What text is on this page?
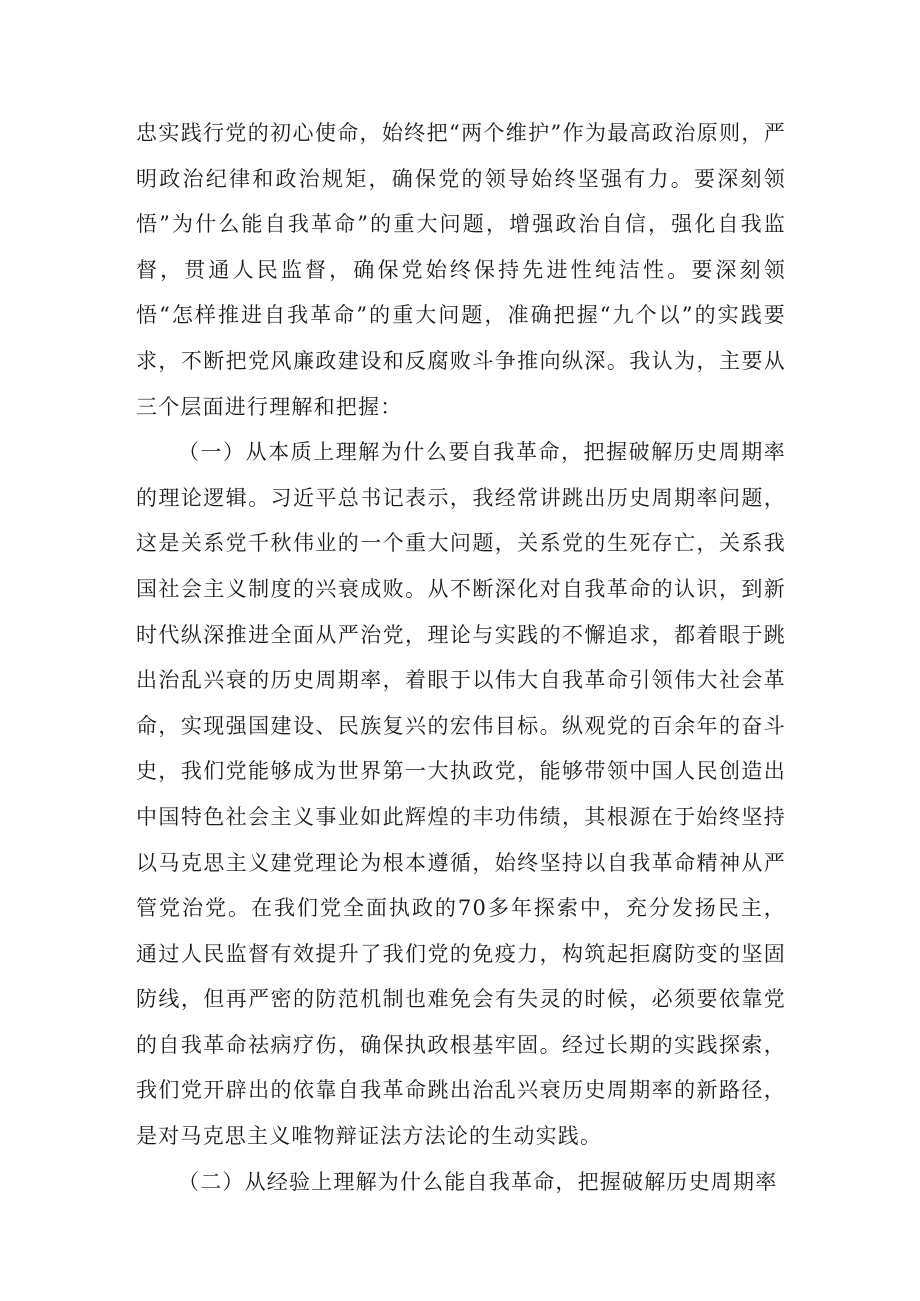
忠实践行党的初心使命，始终把“两个维护”作为最高政治原则，严明政治纪律和政治规矩，确保党的领导始终坚强有力。要深刻领悟”为什么能自我革命”的重大问题，增强政治自信，强化自我监督，贯通人民监督，确保党始终保持先进性纯洁性。要深刻领悟“怎样推进自我革命”的重大问题，准确把握“九个以”的实践要求，不断把党风廉政建设和反腐败斗争推向纵深。我认为，主要从三个层面进行理解和把握：

（一）从本质上理解为什么要自我革命，把握破解历史周期率的理论逻辑。习近平总书记表示，我经常讲跳出历史周期率问题，这是关系党千秋伟业的一个重大问题，关系党的生死存亡，关系我国社会主义制度的兴衰成败。从不断深化对自我革命的认识，到新时代纵深推进全面从严治党，理论与实践的不懈追求，都着眼于跳出治乱兴衰的历史周期率，着眼于以伟大自我革命引领伟大社会革命，实现强国建设、民族复兴的宏伟目标。纵观党的百余年的奋斗史，我们党能够成为世界第一大执政党，能够带领中国人民创造出中国特色社会主义事业如此辉煌的丰功伟绩，其根源在于始终坚持以马克思主义建党理论为根本遵循，始终坚持以自我革命精神从严管党治党。在我们党全面执政的70多年探索中，充分发扬民主，通过人民监督有效提升了我们党的免疫力，构筑起拒腐防变的坚固防线，但再严密的防范机制也难免会有失灵的时候，必须要依靠党的自我革命祛病疗伤，确保执政根基牢固。经过长期的实践探索，我们党开辟出的依靠自我革命跳出治乱兴衰历史周期率的新路径，是对马克思主义唯物辩证法方法论的生动实践。

（二）从经验上理解为什么能自我革命，把握破解历史周期率
